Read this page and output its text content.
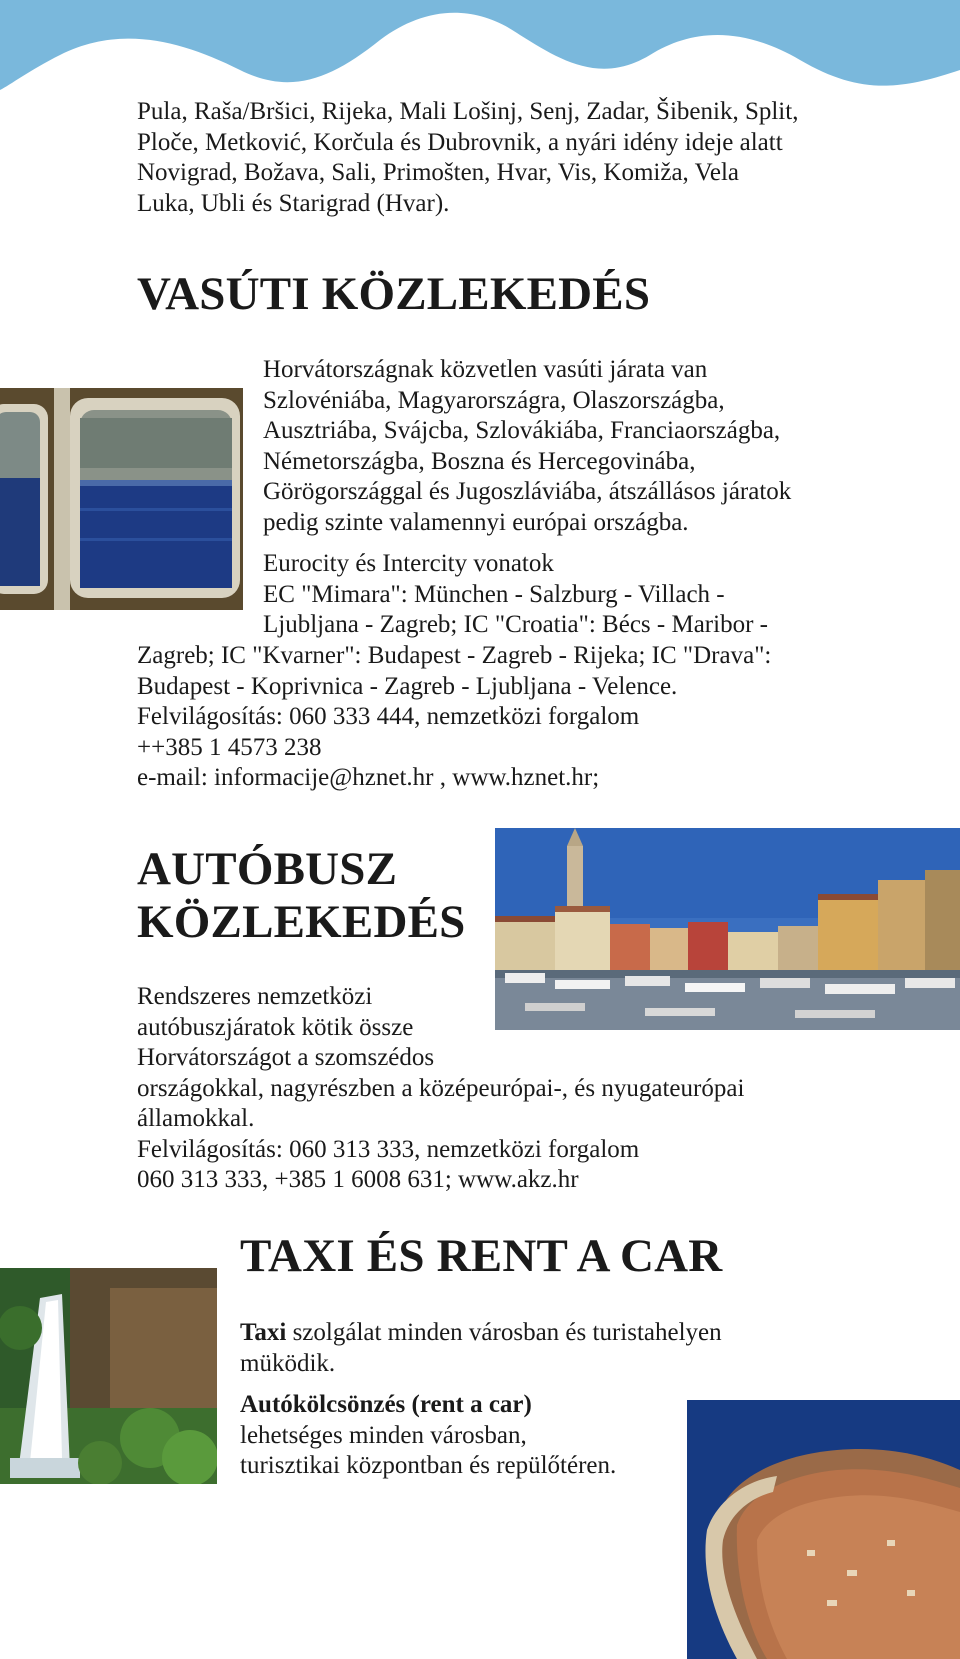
Pula, Raša/Bršici, Rijeka, Mali Lošinj, Senj, Zadar, Šibenik, Split,
Ploče, Metković, Korčula és Dubrovnik, a nyári idény ideje alatt
Novigrad, Božava, Sali, Primošten, Hvar, Vis, Komiža, Vela
Luka, Ubli és Starigrad (Hvar).
VASÚTI KÖZLEKEDÉS
Horvátországnak közvetlen vasúti járata van
Szlovéniába, Magyarországra, Olaszországba,
Ausztriába, Svájcba, Szlovákiába, Franciaországba,
Németországba, Boszna és Hercegovinába,
Görögországgal és Jugoszláviába, átszállásos járatok
pedig szinte valamennyi európai országba.
Eurocity és Intercity vonatok
EC "Mimara": München - Salzburg - Villach -
Ljubljana - Zagreb; IC "Croatia": Bécs - Maribor -
Zagreb; IC "Kvarner": Budapest - Zagreb - Rijeka; IC "Drava":
Budapest - Koprivnica - Zagreb - Ljubljana - Velence.
Felvilágosítás: 060 333 444, nemzetközi forgalom
++385 1 4573 238
e-mail: informacije@hznet.hr , www.hznet.hr;
AUTÓBUSZ
KÖZLEKEDÉS
Rendszeres nemzetközi
autóbuszjáratok kötik össze
Horvátországot a szomszédos
országokkal, nagyrészben a középeurópai-, és nyugateurópai
államokkal.
Felvilágosítás: 060 313 333, nemzetközi forgalom
060 313 333, +385 1 6008 631; www.akz.hr
TAXI ÉS RENT A CAR
Taxi szolgálat minden városban és turistahelyen
müködik.
Autókölcsönzés (rent a car)
lehetséges minden városban,
turisztikai központban és repülőtéren.
